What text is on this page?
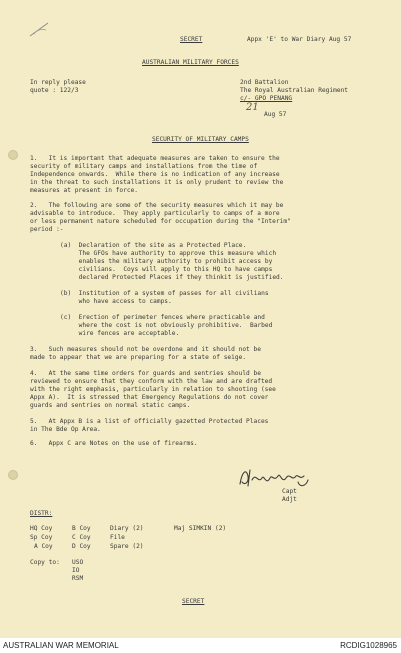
SECRET	Appx 'E' to War Diary Aug 57
AUSTRALIAN MILITARY FORCES
In reply please
quote : 122/3
2nd Battalion
The Royal Australian Regiment
c/- GPO PENANG
21
Aug 57
SECURITY OF MILITARY CAMPS
1.   It is important that adequate measures are taken to ensure the
security of military camps and installations from the time of
Independence onwards.  While there is no indication of any increase
in the threat to such installations it is only prudent to review the
measures at present in force.
2.   The following are some of the security measures which it may be
advisable to introduce.  They apply particularly to camps of a more
or less permanent nature scheduled for occupation during the "Interim"
period :-
(a)  Declaration of the site as a Protected Place.
The GFOs have authority to approve this measure which
enables the military authority to prohibit access by
civilians.  Coys will apply to this HQ to have camps
declared Protected Places if they thinkit is justified.
(b)  Institution of a system of passes for all civilians
who have access to camps.
(c)  Erection of perimeter fences where practicable and
where the cost is not obviously prohibitive.  Barbed
wire fences are acceptable.
3.   Such measures should not be overdone and it should not be
made to appear that we are preparing for a state of seige.
4.   At the same time orders for guards and sentries should be
reviewed to ensure that they conform with the law and are drafted
with the right emphasis, particularly in relation to shooting (see
Appx A).  It is stressed that Emergency Regulations do not cover
guards and sentries on normal static camps.
5.   At Appx B is a list of officially gazetted Protected Places
in The Bde Op Area.
6.   Appx C are Notes on the use of firearms.
Capt
Adjt
DISTR:
HQ Coy	B Coy	Diary (2)	Maj SIMKIN (2)
Sp Coy	C Coy	File
A Coy	D Coy	Spare (2)
Copy to: USO
IO
RSM
SECRET
AUSTRALIAN WAR MEMORIAL	RCDIG1028965
